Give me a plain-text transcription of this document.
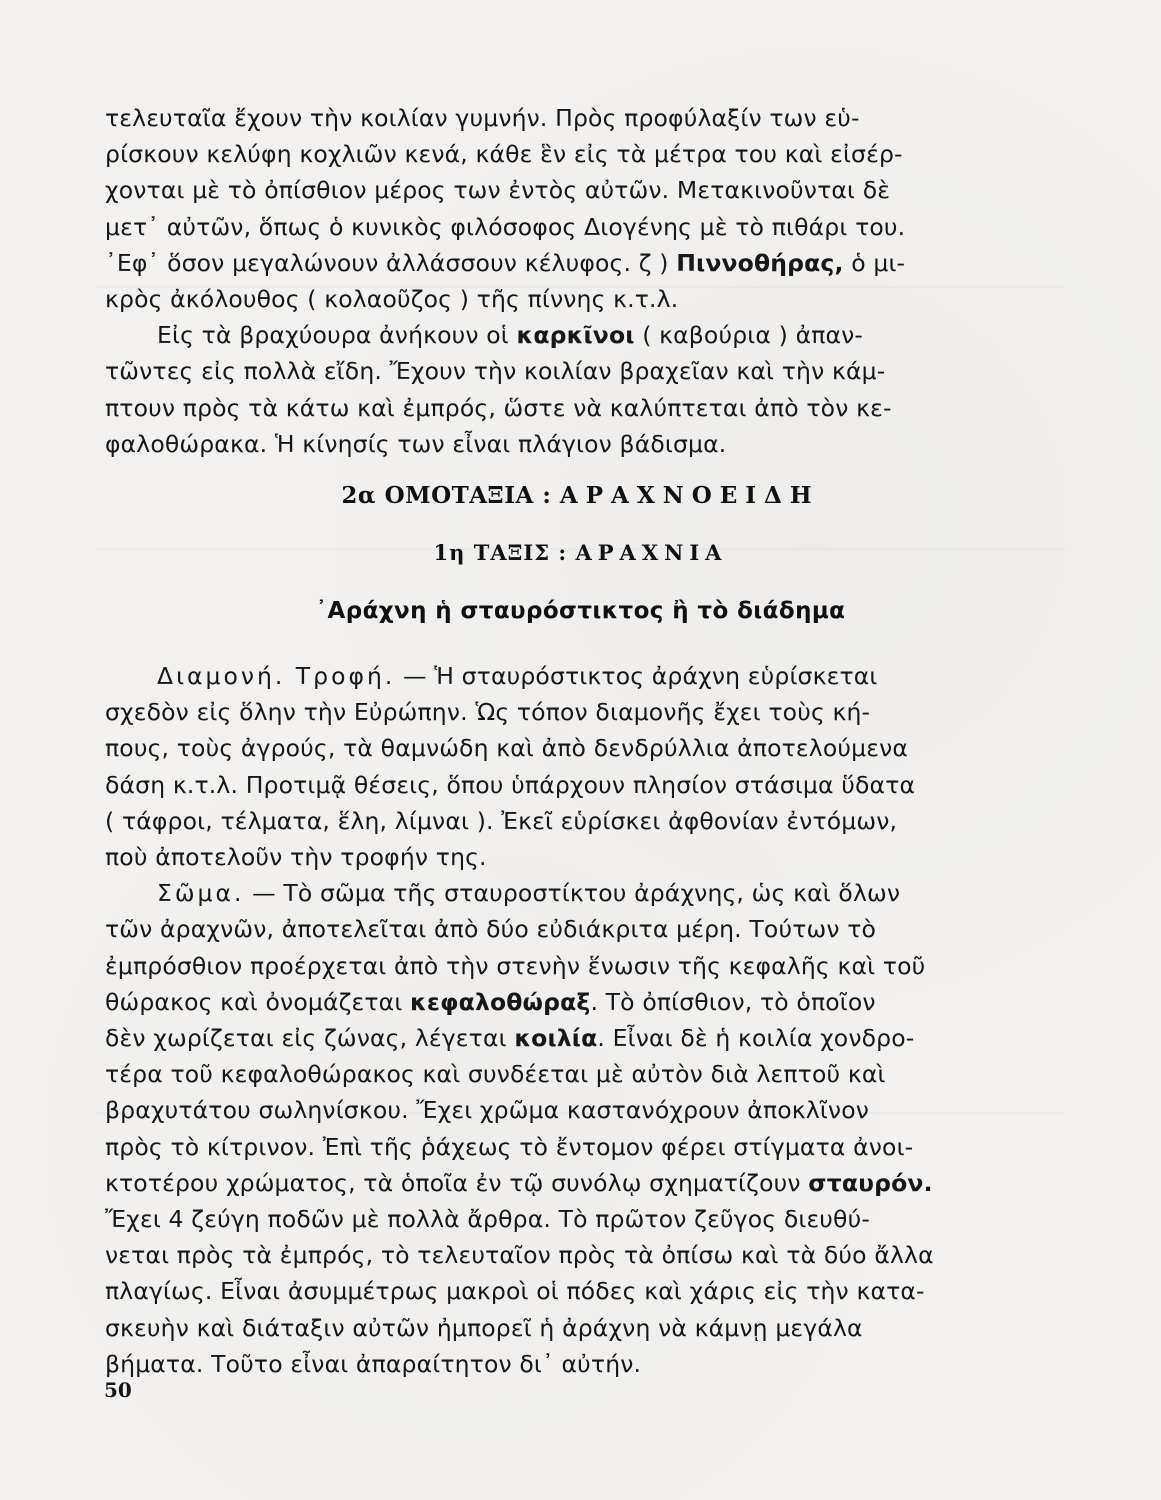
τελευταῖα ἔχουν τὴν κοιλίαν γυμνήν. Πρὸς προφύλαξίν των εὑ-

ρίσκουν κελύφη κοχλιῶν κενά, κάθε ἓν εἰς τὰ μέτρα του καὶ εἰσέρ-

χονται μὲ τὸ ὀπίσθιον μέρος των ἐντὸς αὐτῶν. Μετακινοῦνται δὲ

μετ᾿ αὐτῶν, ὅπως ὁ κυνικὸς φιλόσοφος Διογένης μὲ τὸ πιθάρι του.

᾿Εφ᾿ ὅσον μεγαλώνουν ἀλλάσσουν κέλυφος. ζ ) Πιννοθήρας, ὁ μι-

κρὸς ἀκόλουθος ( κολαοῦζος ) τῆς πίννης κ.τ.λ.

Εἰς τὰ βραχύουρα ἀνήκουν οἱ καρκῖνοι ( καβούρια ) ἀπαν-

τῶντες εἰς πολλὰ εἴδη. Ἔχουν τὴν κοιλίαν βραχεῖαν καὶ τὴν κάμ-

πτουν πρὸς τὰ κάτω καὶ ἐμπρός, ὥστε νὰ καλύπτεται ἀπὸ τὸν κε-

φαλοθώρακα. Ἡ κίνησίς των εἶναι πλάγιον βάδισμα.

2α ΟΜΟΤΑΞΙΑ : ΑΡΑΧΝΟΕΙΔΗ
1η ΤΑΞΙΣ : ΑΡΑΧΝΙΑ
᾿Αράχνη ἡ σταυρόστικτος ἢ τὸ διάδημα

Διαμονή. Τροφή. — Ἡ σταυρόστικτος ἀράχνη εὑρίσκεται

σχεδὸν εἰς ὅλην τὴν Εὐρώπην. Ὡς τόπον διαμονῆς ἔχει τοὺς κή-

πους, τοὺς ἀγρούς, τὰ θαμνώδη καὶ ἀπὸ δενδρύλλια ἀποτελούμενα

δάση κ.τ.λ. Προτιμᾷ θέσεις, ὅπου ὑπάρχουν πλησίον στάσιμα ὕδατα

( τάφροι, τέλματα, ἕλη, λίμναι ). Ἐκεῖ εὑρίσκει ἀφθονίαν ἐντόμων,

ποὺ ἀποτελοῦν τὴν τροφήν της.

Σῶμα. — Τὸ σῶμα τῆς σταυροστίκτου ἀράχνης, ὡς καὶ ὅλων

τῶν ἀραχνῶν, ἀποτελεῖται ἀπὸ δύο εὐδιάκριτα μέρη. Τούτων τὸ

ἐμπρόσθιον προέρχεται ἀπὸ τὴν στενὴν ἕνωσιν τῆς κεφαλῆς καὶ τοῦ

θώρακος καὶ ὀνομάζεται κεφαλοθώραξ. Τὸ ὀπίσθιον, τὸ ὁποῖον

δὲν χωρίζεται εἰς ζώνας, λέγεται κοιλία. Εἶναι δὲ ἡ κοιλία χονδρο-

τέρα τοῦ κεφαλοθώρακος καὶ συνδέεται μὲ αὐτὸν διὰ λεπτοῦ καὶ

βραχυτάτου σωληνίσκου. Ἔχει χρῶμα καστανόχρουν ἀποκλῖνον

πρὸς τὸ κίτρινον. Ἐπὶ τῆς ῥάχεως τὸ ἔντομον φέρει στίγματα ἀνοι-

κτοτέρου χρώματος, τὰ ὁποῖα ἐν τῷ συνόλῳ σχηματίζουν σταυρόν.

Ἔχει 4 ζεύγη ποδῶν μὲ πολλὰ ἄρθρα. Τὸ πρῶτον ζεῦγος διευθύ-

νεται πρὸς τὰ ἐμπρός, τὸ τελευταῖον πρὸς τὰ ὀπίσω καὶ τὰ δύο ἄλλα

πλαγίως. Εἶναι ἀσυμμέτρως μακροὶ οἱ πόδες καὶ χάρις εἰς τὴν κατα-

σκευὴν καὶ διάταξιν αὐτῶν ἠμπορεῖ ἡ ἀράχνη νὰ κάμνῃ μεγάλα

βήματα. Τοῦτο εἶναι ἀπαραίτητον δι᾿ αὐτήν.

50
